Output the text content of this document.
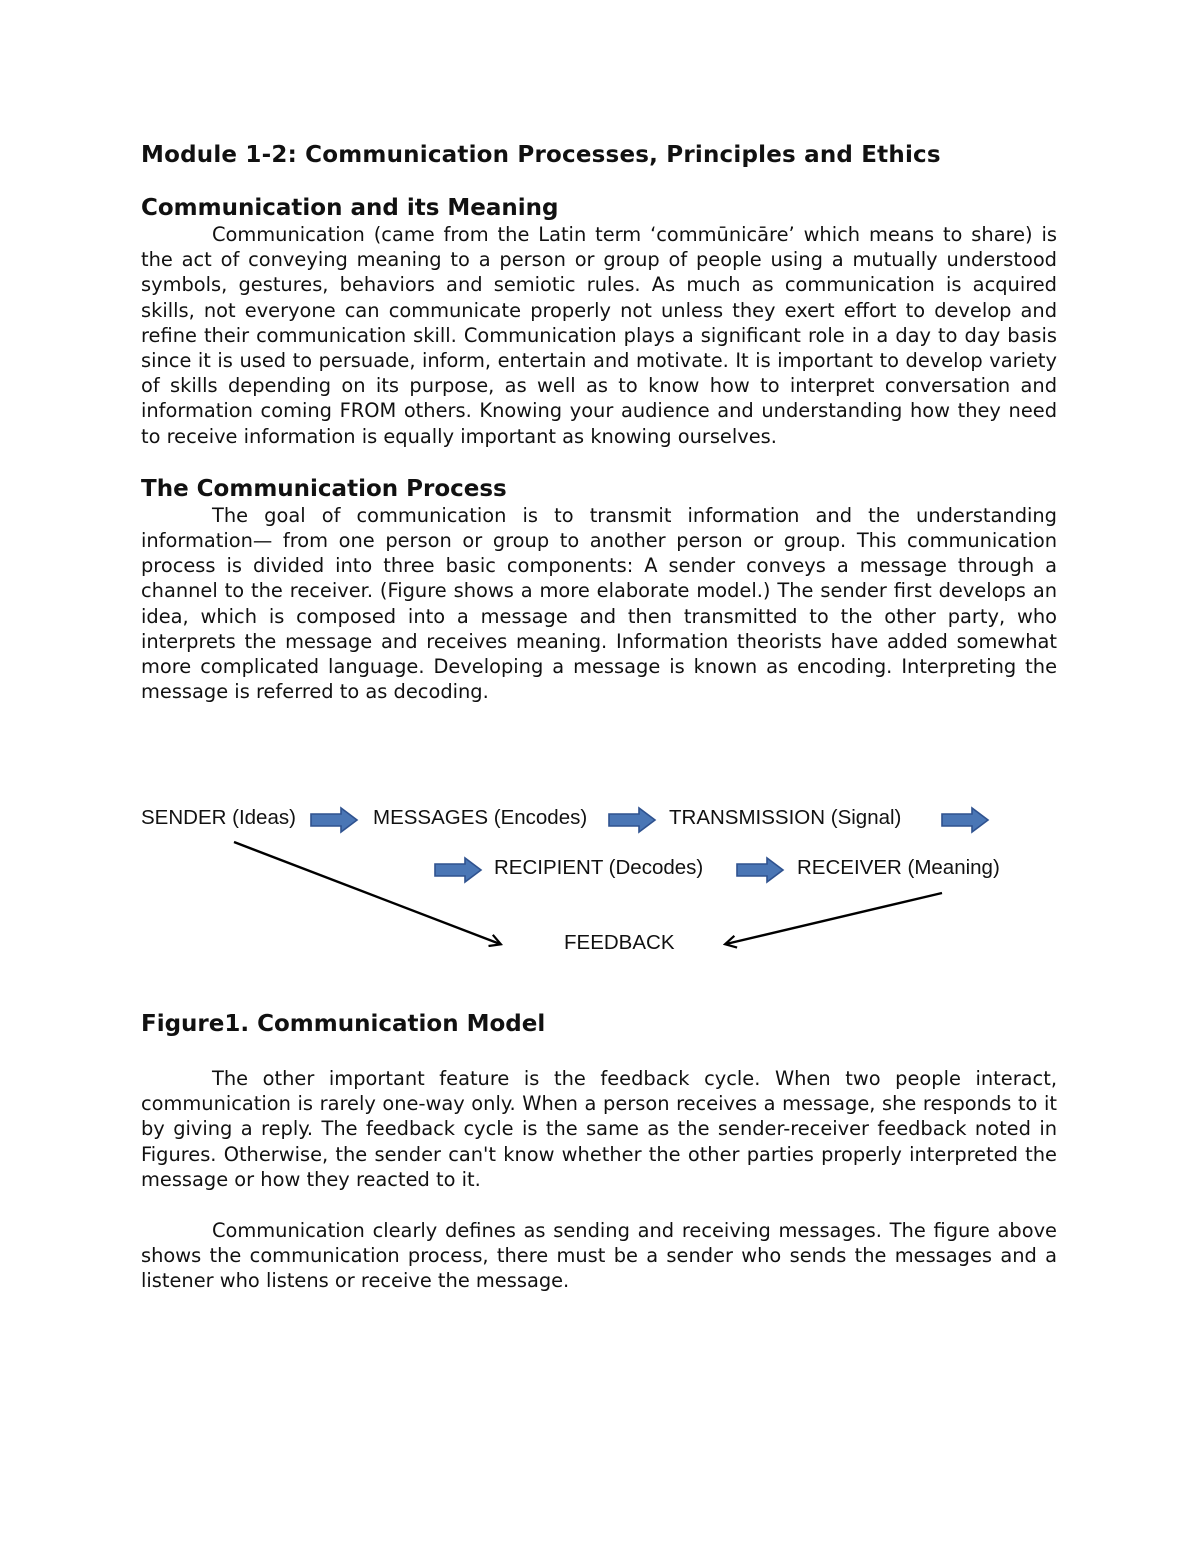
Module 1-2: Communication Processes, Principles and Ethics
Communication and its Meaning

Communication (came from the Latin term ‘commūnicāre’ which means to share) is the act of conveying meaning to a person or group of people using a mutually understood symbols, gestures, behaviors and semiotic rules. As much as communication is acquired skills, not everyone can communicate properly not unless they exert effort to develop and refine their communication skill. Communication plays a significant role in a day to day basis since it is used to persuade, inform, entertain and motivate. It is important to develop variety of skills depending on its purpose, as well as to know how to interpret conversation and information coming FROM others. Knowing your audience and understanding how they need to receive information is equally important as knowing ourselves.

The Communication Process

The goal of communication is to transmit information and the understanding information— from one person or group to another person or group. This communication process is divided into three basic components: A sender conveys a message through a channel to the receiver. (Figure shows a more elaborate model.) The sender first develops an idea, which is composed into a message and then transmitted to the other party, who interprets the message and receives meaning. Information theorists have added somewhat more complicated language. Developing a message is known as encoding. Interpreting the message is referred to as decoding.

SENDER (Ideas)	MESSAGES (Encodes)	TRANSMISSION (Signal)
RECIPIENT (Decodes)	RECEIVER (Meaning)
FEEDBACK
Figure1. Communication Model

The other important feature is the feedback cycle. When two people interact, communication is rarely one-way only. When a person receives a message, she responds to it by giving a reply. The feedback cycle is the same as the sender-receiver feedback noted in Figures. Otherwise, the sender can't know whether the other parties properly interpreted the message or how they reacted to it.

Communication clearly defines as sending and receiving messages. The figure above shows the communication process, there must be a sender who sends the messages and a listener who listens or receive the message.
